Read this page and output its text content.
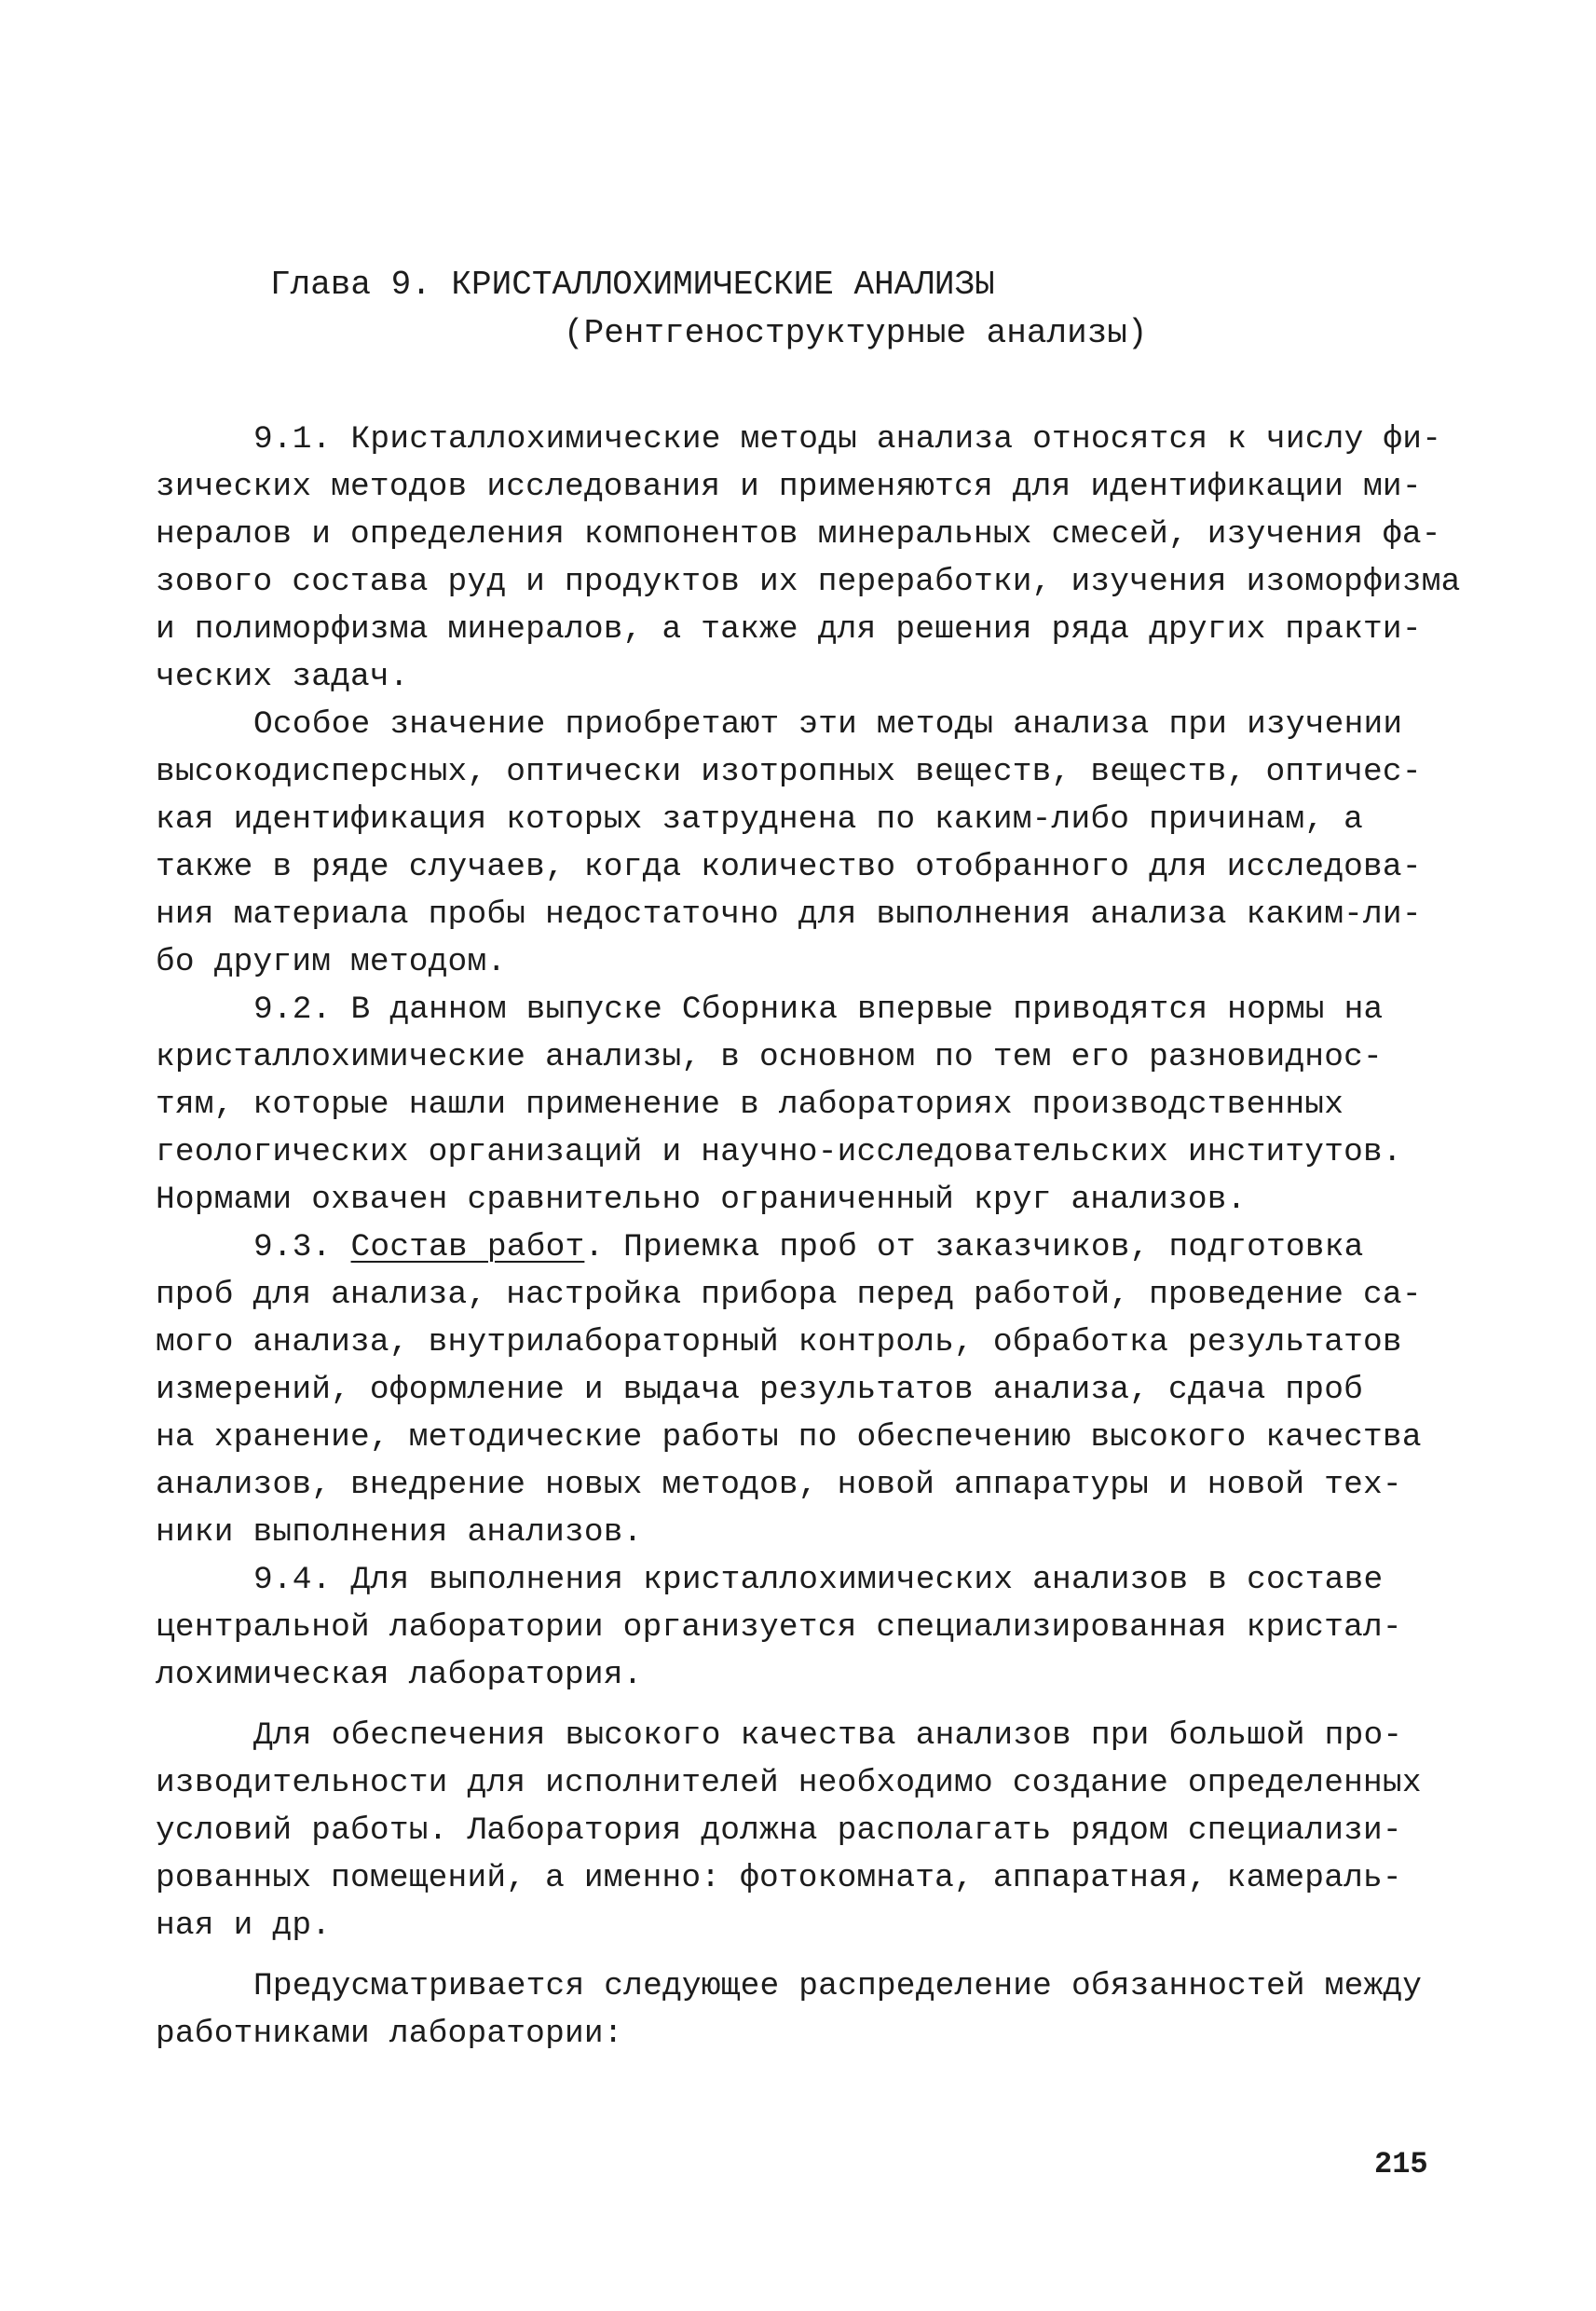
Глава 9. КРИСТАЛЛОХИМИЧЕСКИЕ АНАЛИЗЫ
(Рентгеноструктурные анализы)
9.1. Кристаллохимические методы анализа относятся к числу фи-
зических методов исследования и применяются для идентификации ми-
нералов и определения компонентов минеральных смесей, изучения фа-
зового состава руд и продуктов их переработки, изучения изоморфизма
и полиморфизма минералов, а также для решения ряда других практи-
ческих задач.
Особое значение приобретают эти методы анализа при изучении
высокодисперсных, оптически изотропных веществ, веществ, оптичес-
кая идентификация которых затруднена по каким-либо причинам, а
также в ряде случаев, когда количество отобранного для исследова-
ния материала пробы недостаточно для выполнения анализа каким-ли-
бо другим методом.
9.2. В данном выпуске Сборника впервые приводятся нормы на
кристаллохимические анализы, в основном по тем его разновиднос-
тям, которые нашли применение в лабораториях производственных
геологических организаций и научно-исследовательских институтов.
Нормами охвачен сравнительно ограниченный круг анализов.
9.3. Состав работ. Приемка проб от заказчиков, подготовка
проб для анализа, настройка прибора перед работой, проведение са-
мого анализа, внутрилабораторный контроль, обработка результатов
измерений, оформление и выдача результатов анализа, сдача проб
на хранение, методические работы по обеспечению высокого качества
анализов, внедрение новых методов, новой аппаратуры и новой тех-
ники выполнения анализов.
9.4. Для выполнения кристаллохимических анализов в составе
центральной лаборатории организуется специализированная кристал-
лохимическая лаборатория.
Для обеспечения высокого качества анализов при большой про-
изводительности для исполнителей необходимо создание определенных
условий работы. Лаборатория должна располагать рядом специализи-
рованных помещений, а именно: фотокомната, аппаратная, камераль-
ная и др.
Предусматривается следующее распределение обязанностей между
работниками лаборатории:
215
